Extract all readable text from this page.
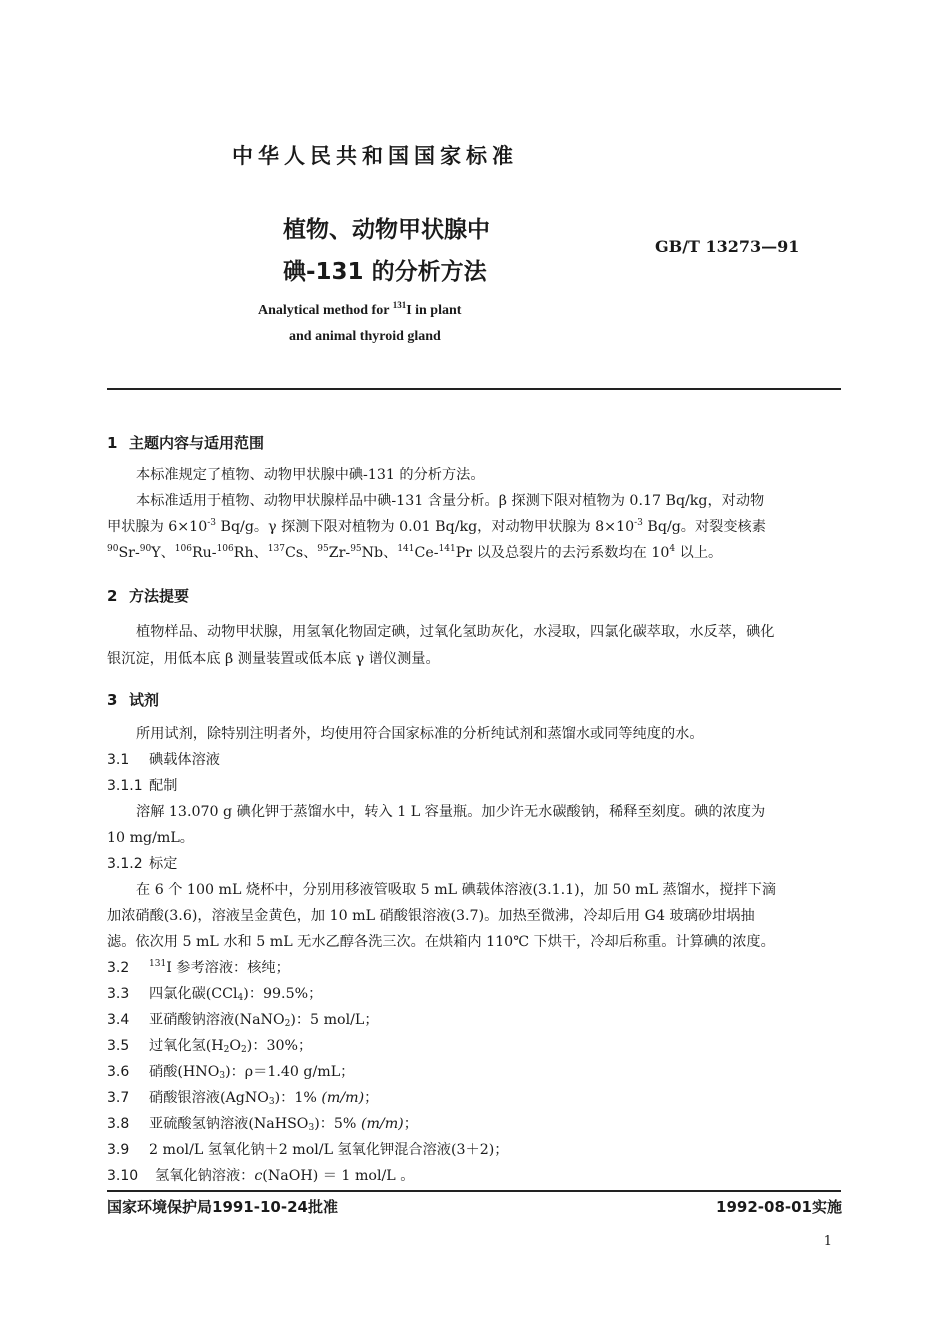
中华人民共和国国家标准
植物、动物甲状腺中
碘-131 的分析方法
GB/T 13273—91
Analytical method for $^{131}$I in plant
and animal thyroid gland
1 主题内容与适用范围
本标准规定了植物、动物甲状腺中碘-131 的分析方法。
本标准适用于植物、动物甲状腺样品中碘-131 含量分析。β 探测下限对植物为 0.17 Bq/kg，对动物
甲状腺为 $6\times 10^{-3}$ Bq/g。γ 探测下限对植物为 0.01 Bq/kg，对动物甲状腺为 $8\times 10^{-3}$ Bq/g。对裂变核素
$^{90}$Sr-$^{90}$Y、$^{106}$Ru-$^{106}$Rh、$^{137}$Cs、$^{95}$Zr-$^{95}$Nb、$^{141}$Ce-$^{141}$Pr 以及总裂片的去污系数均在 $10^4$ 以上。
2 方法提要
植物样品、动物甲状腺，用氢氧化物固定碘，过氧化氢助灰化，水浸取，四氯化碳萃取，水反萃，碘化
银沉淀，用低本底 β 测量装置或低本底 γ 谱仪测量。
3 试剂
所用试剂，除特别注明者外，均使用符合国家标准的分析纯试剂和蒸馏水或同等纯度的水。
3.1 碘载体溶液
3.1.1 配制
溶解 13.070 g 碘化钾于蒸馏水中，转入 1 L 容量瓶。加少许无水碳酸钠，稀释至刻度。碘的浓度为
10 mg/mL。
3.1.2 标定
在 6 个 100 mL 烧杯中，分别用移液管吸取 5 mL 碘载体溶液(3.1.1)，加 50 mL 蒸馏水，搅拌下滴
加浓硝酸(3.6)，溶液呈金黄色，加 10 mL 硝酸银溶液(3.7)。加热至微沸，冷却后用 G4 玻璃砂坩埚抽
滤。依次用 5 mL 水和 5 mL 无水乙醇各洗三次。在烘箱内 110℃ 下烘干，冷却后称重。计算碘的浓度。
3.2 $^{131}$I 参考溶液：核纯；
3.3 四氯化碳(CCl$_4$)：99.5%；
3.4 亚硝酸钠溶液(NaNO$_2$)：5 mol/L；
3.5 过氧化氢$(H_2O_2)$：30%；
3.6 硝酸$(HNO_3)$：ρ＝1.40 g/mL；
3.7 硝酸银溶液(AgNO$_3$)：1% (m/m)；
3.8 亚硫酸氢钠溶液(NaHSO$_3$)：5% (m/m)；
3.9 2 mol/L 氢氧化钠＋2 mol/L 氢氧化钾混合溶液(3＋2)；
3.10 氢氧化钠溶液：c(NaOH) ＝ 1 mol/L 。
国家环境保护局1991-10-24批准	1992-08-01实施
1
